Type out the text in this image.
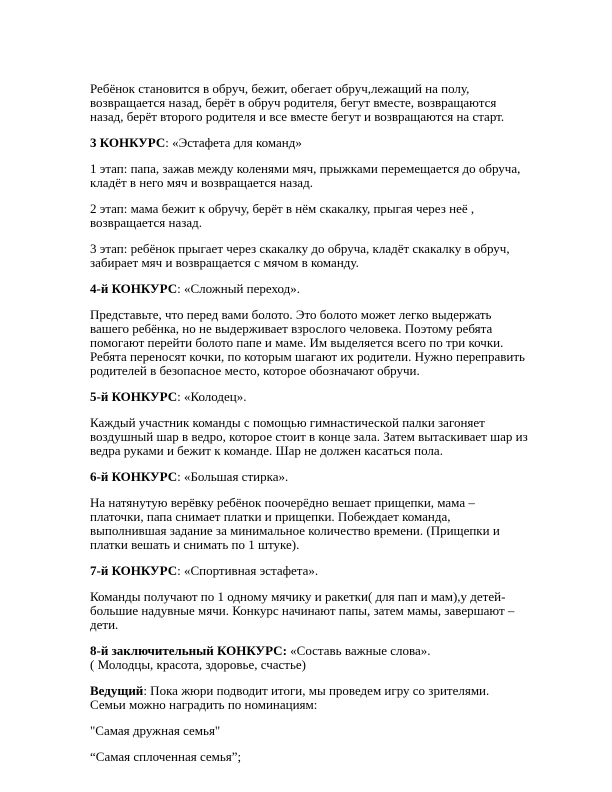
Ребёнок становится в обруч, бежит, обегает обруч,лежащий на полу, возвращается назад, берёт в обруч родителя, бегут вместе, возвращаются назад, берёт второго родителя и все вместе бегут и возвращаются на старт.

3 КОНКУРС: «Эстафета для команд»

1 этап: папа, зажав между коленями мяч, прыжками перемещается до обруча, кладёт в него мяч и возвращается назад.

2 этап: мама бежит к обручу, берёт в нём скакалку, прыгая через неё , возвращается назад.

3 этап: ребёнок прыгает через скакалку до обруча, кладёт скакалку в обруч, забирает мяч и возвращается с мячом в команду.

4-й КОНКУРС: «Сложный переход».

Представьте, что перед вами болото. Это болото может легко выдержать вашего ребёнка, но не выдерживает взрослого человека. Поэтому ребята помогают перейти болото папе и маме. Им выделяется всего по три кочки. Ребята переносят кочки, по которым шагают их родители. Нужно переправить родителей в безопасное место, которое обозначают обручи.

5-й КОНКУРС: «Колодец».

Каждый участник команды с помощью гимнастической палки загоняет воздушный шар в ведро, которое стоит в конце зала. Затем вытаскивает шар из ведра руками и бежит к команде. Шар не должен касаться пола.

6-й КОНКУРС: «Большая стирка».

На натянутую верёвку ребёнок поочерёдно вешает прищепки, мама – платочки, папа снимает платки и прищепки. Побеждает команда, выполнившая задание за минимальное количество времени. (Прищепки и платки вешать и снимать по 1 штуке).

7-й КОНКУРС: «Спортивная эстафета».

Команды получают по 1 одному мячику и ракетки( для пап и мам),у детей- большие надувные мячи. Конкурс начинают папы, затем мамы, завершают – дети.

8-й заключительный КОНКУРС: «Составь важные слова».
( Молодцы, красота, здоровье, счастье)

Ведущий: Пока жюри подводит итоги, мы проведем игру со зрителями.
Семьи можно наградить по номинациям:

"Самая дружная семья"

“Самая сплоченная семья”;
